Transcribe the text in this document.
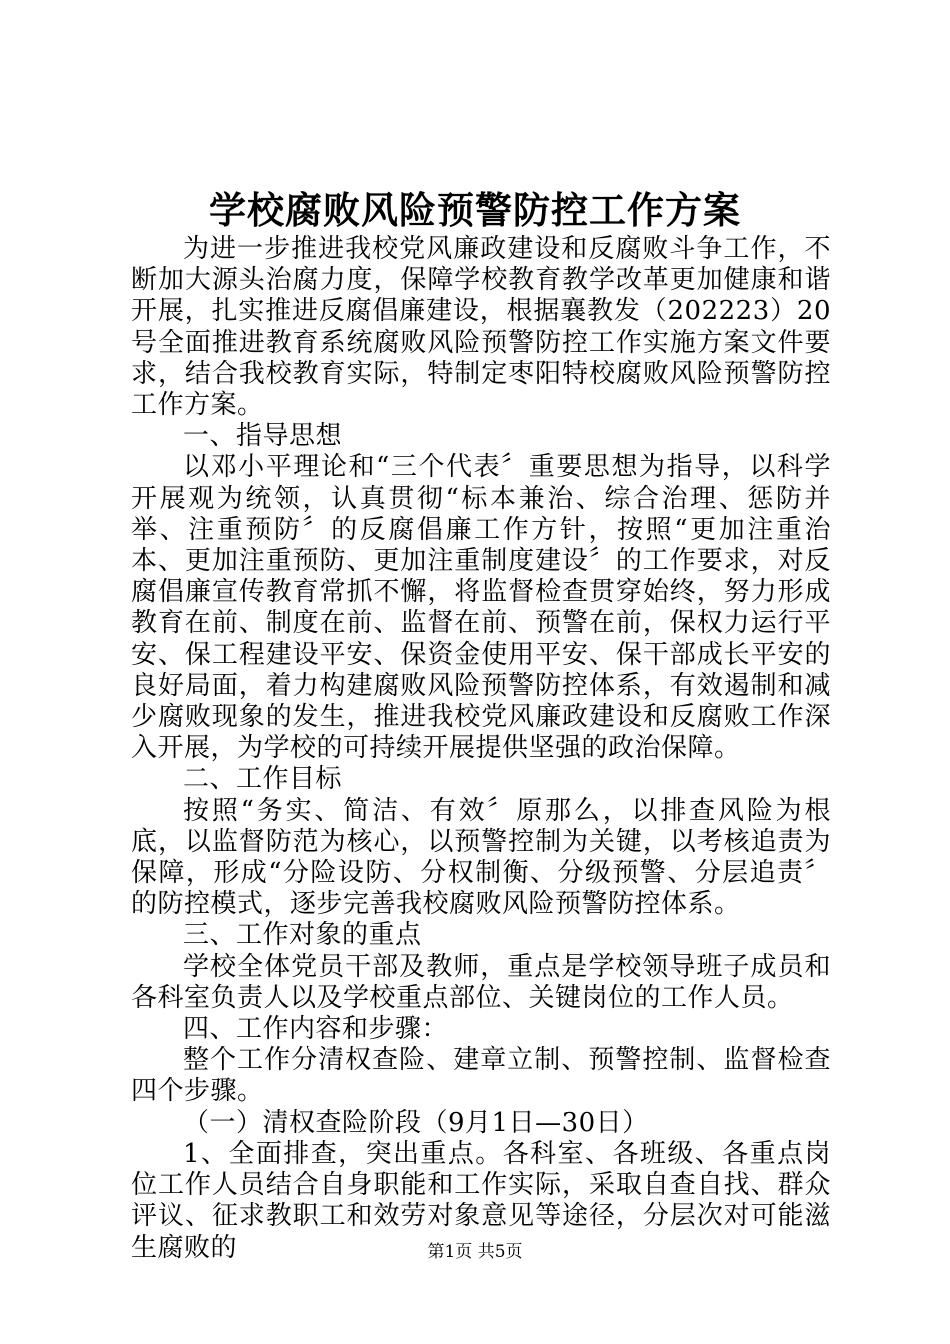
学校腐败风险预警防控工作方案

为进一步推进我校党风廉政建设和反腐败斗争工作，不断加大源头治腐力度，保障学校教育教学改革更加健康和谐开展，扎实推进反腐倡廉建设，根据襄教发（202223）20号全面推进教育系统腐败风险预警防控工作实施方案文件要求，结合我校教育实际，特制定枣阳特校腐败风险预警防控工作方案。

一、指导思想

以邓小平理论和“三个代表〞重要思想为指导，以科学开展观为统领，认真贯彻“标本兼治、综合治理、惩防并举、注重预防〞的反腐倡廉工作方针，按照“更加注重治本、更加注重预防、更加注重制度建设〞的工作要求，对反腐倡廉宣传教育常抓不懈，将监督检查贯穿始终，努力形成教育在前、制度在前、监督在前、预警在前，保权力运行平安、保工程建设平安、保资金使用平安、保干部成长平安的良好局面，着力构建腐败风险预警防控体系，有效遏制和减少腐败现象的发生，推进我校党风廉政建设和反腐败工作深入开展，为学校的可持续开展提供坚强的政治保障。

二、工作目标

按照“务实、简洁、有效〞原那么，以排查风险为根底，以监督防范为核心，以预警控制为关键，以考核追责为保障，形成“分险设防、分权制衡、分级预警、分层追责〞的防控模式，逐步完善我校腐败风险预警防控体系。

三、工作对象的重点

学校全体党员干部及教师，重点是学校领导班子成员和各科室负责人以及学校重点部位、关键岗位的工作人员。

四、工作内容和步骤：

整个工作分清权查险、建章立制、预警控制、监督检查四个步骤。

（一）清权查险阶段（9月1日—30日）

1、全面排查，突出重点。各科室、各班级、各重点岗位工作人员结合自身职能和工作实际，采取自查自找、群众评议、征求教职工和效劳对象意见等途径，分层次对可能滋生腐败的	第1页 共5页
